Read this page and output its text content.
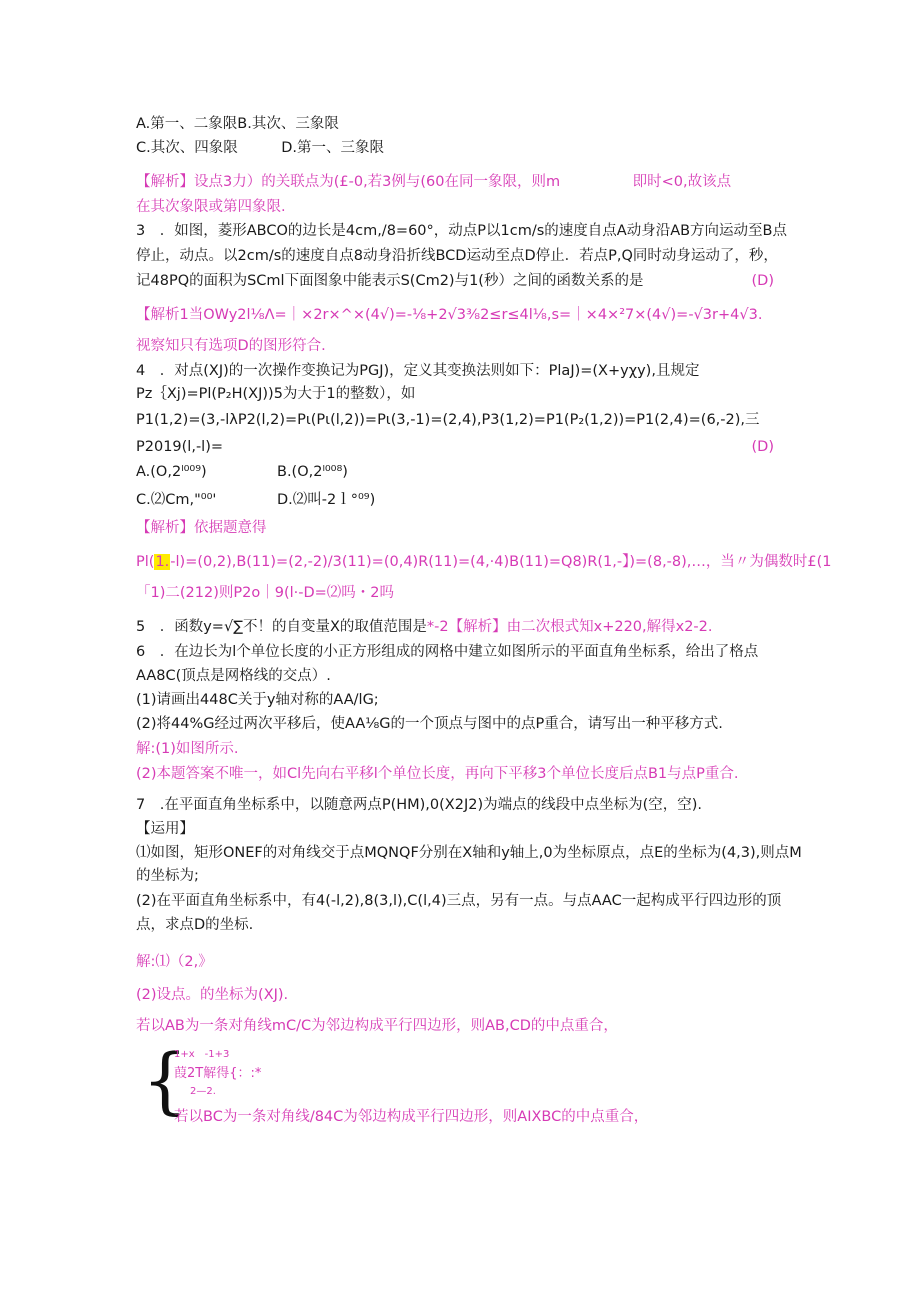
A.第一、二象限B.其次、三象限
C.其次、四象限　　　D.第一、三象限
【解析】设点3力）的关联点为(£-0,若3例与(60在同一象限，则m　　　　　即时<0,故该点
在其次象限或第四象限.
3　．如图，菱形ABCO的边长是4cm,/8=60°，动点P以1cm/s的速度自点A动身沿AB方向运动至B点
停止，动点。以2cm/s的速度自点8动身沿折线BCD运动至点D停止．若点P,Q同时动身运动了，秒，
记48PQ的面积为SCml下面图象中能表示S(Cm2)与1(秒）之间的函数关系的是	(D)
【解析1当OWy2l⅛Λ=｜×2r×^×(4√)=-⅛+2√3⅜2≤r≤4l⅛,s=｜×4×²7×(4√)=-√3r+4√3.
视察知只有选项D的图形符合.
4　．对点(XJ)的一次操作变换记为PGJ)，定义其变换法则如下：PlaJ)=(X+yχy),且规定
Pz｛Xj)=Pl(P₂H(XJ))5为大于1的整数），如
P1(1,2)=(3,-lλP2(l,2)=Pι(Pι(l,2))=Pι(3,-1)=(2,4),P3(1,2)=P1(P₂(1,2))=P1(2,4)=(6,-2),三
P2019(l,-l)=	(D)
A.(O,2ˡ⁰⁰⁹)	B.(O,2ˡ⁰⁰⁸)
C.⑵Cm,"⁰⁰'	D.⑵叫-2ｌ°⁰⁹)
【解析】依据题意得
Pl(1.-l)=(0,2),B(11)=(2,-2)/3(11)=(0,4)R(11)=(4,·4)B(11)=Q8)R(1,-】)=(8,-8),…，当〃为偶数时£(1
「1)二(212)则P2o｜9(l·-D=⑵吗・2吗
5　．函数y=√∑不！的自变量X的取值范围是*-2【解析】由二次根式知x+220,解得x2-2.
6　．在边长为l个单位长度的小正方形组成的网格中建立如图所示的平面直角坐标系，给出了格点
AA8C(顶点是网格线的交点）.
(1)请画出448C关于y轴对称的AA∕lG;
(2)将44%G经过两次平移后，使AA⅛G的一个顶点与图中的点P重合，请写出一种平移方式.
解:(1)如图所示.
(2)本题答案不唯一，如Cl先向右平移l个单位长度，再向下平移3个单位长度后点B1与点P重合.
7　.在平面直角坐标系中，以随意两点P(HM),0(X2J2)为端点的线段中点坐标为(空，空).
【运用】
⑴如图，矩形ONEF的对角线交于点MQNQF分别在X轴和y轴上,0为坐标原点，点E的坐标为(4,3),则点M
的坐标为;
(2)在平面直角坐标系中，有4(-l,2),8(3,l),C(l,4)三点，另有一点。与点AAC一起构成平行四边形的顶
点，求点D的坐标.
解:⑴（2,》
(2)设点。的坐标为(XJ).
若以AB为一条对角线mC∕C为邻边构成平行四边形，则AB,CD的中点重合，
{
1+x　-1+3
葭2T解得{：:*
2—2.
若以BC为一条对角线/84C为邻边构成平行四边形，则AIXBC的中点重合，
